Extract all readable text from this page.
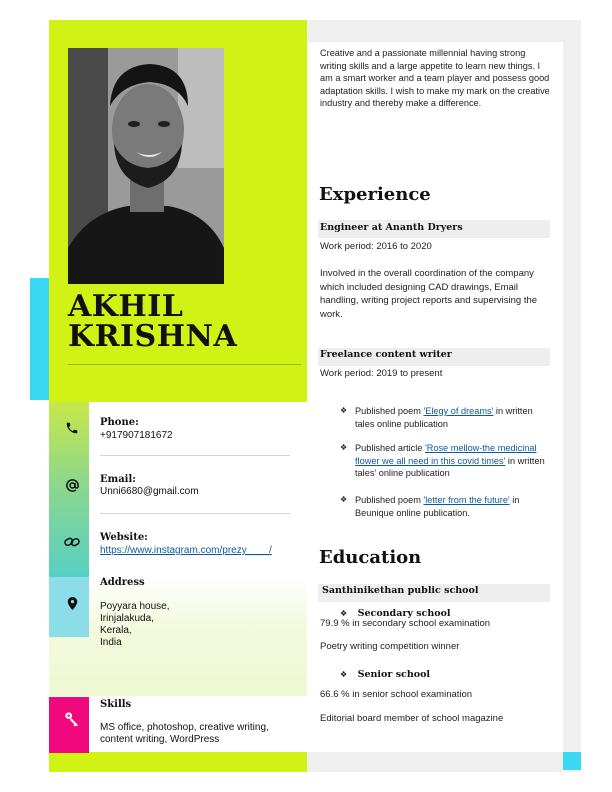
AKHIL
KRISHNA
Phone:
+917907181672
Email:
Unni6680@gmail.com
Website:
https://www.instagram.com/prezy____/
Address
Poyyara house,
Irinjalakuda,
Kerala,
India
Skills
MS office, photoshop, creative writing, content writing, WordPress
Creative and a passionate millennial having strong writing skills and a large appetite to learn new things. I am a smart worker and a team player and possess good adaptation skills. I wish to make my mark on the creative industry and thereby make a difference.
Experience
Engineer at Ananth Dryers
Work period: 2016 to 2020
Involved in the overall coordination of the company which included designing CAD drawings, Email handling, writing project reports and supervising the work.
Freelance content writer
Work period: 2019 to present
❖ Published poem 'Elegy of dreams' in written tales online publication
❖ Published article 'Rose mellow-the medicinal flower we all need in this covid times' in written tales' online publication
❖ Published poem 'letter from the future' in Beunique online publication.
Education
Santhinikethan public school
❖ Secondary school
79.9 % in secondary school examination
Poetry writing competition winner
❖ Senior school
66.6 % in senior school examination
Editorial board member of school magazine
